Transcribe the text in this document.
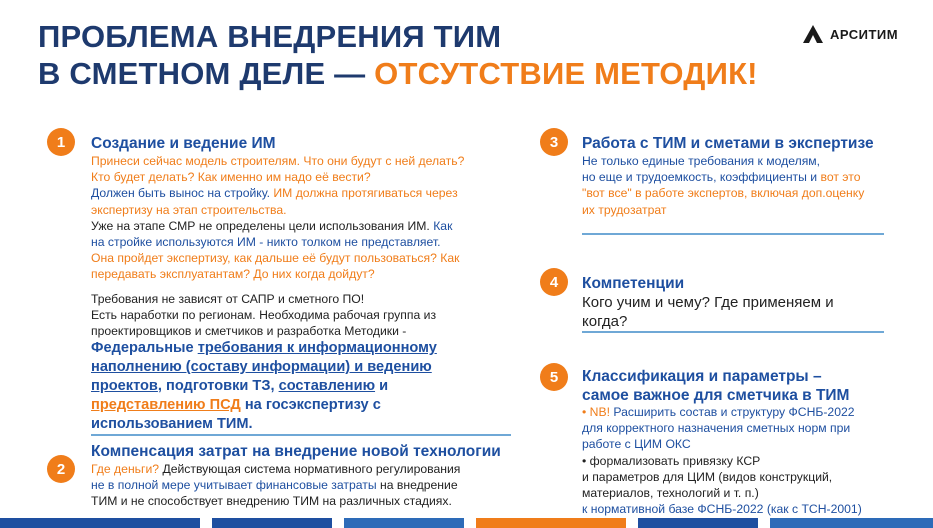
ПРОБЛЕМА ВНЕДРЕНИЯ ТИМ
В СМЕТНОМ ДЕЛЕ — ОТСУТСТВИЕ МЕТОДИК!
АРСИТИМ
1	Создание и ведение ИМ
Принеси сейчас модель строителям. Что они будут с ней делать?
Кто будет делать? Как именно им надо её вести?
Должен быть вынос на стройку. ИМ должна протягиваться через
экспертизу на этап строительства.
Уже на этапе СМР не определены цели использования ИМ. Как
на стройке используются ИМ - никто толком не представляет.
Она пройдет экспертизу, как дальше её будут пользоваться? Как
передавать эксплуатантам? До них когда дойдут?
Требования не зависят от САПР и сметного ПО!
Есть наработки по регионам. Необходима рабочая группа из
проектировщиков и сметчиков и разработка Методики -
Федеральные требования к информационному
наполнению (составу информации) и ведению
проектов, подготовки ТЗ, составлению и
представлению ПСД на госэкспертизу с
использованием ТИМ.
Компенсация затрат на внедрение новой технологии
2	Где деньги? Действующая система нормативного регулирования
не в полной мере учитывает финансовые затраты на внедрение
ТИМ и не способствует внедрению ТИМ на различных стадиях.
3	Работа с ТИМ и сметами в экспертизе
Не только единые требования к моделям,
но еще и трудоемкость, коэффициенты и вот это
"вот все" в работе экспертов, включая доп.оценку
их трудозатрат
4	Компетенции
Кого учим и чему? Где применяем и
когда?
5	Классификация и параметры –
самое важное для сметчика в ТИМ
• NB! Расширить состав и структуру ФСНБ-2022
для корректного назначения сметных норм при
работе с ЦИМ ОКС
• формализовать привязку КСР
и параметров для ЦИМ (видов конструкций,
материалов, технологий и т. п.)
к нормативной базе ФСНБ-2022 (как с ТСН-2001)
